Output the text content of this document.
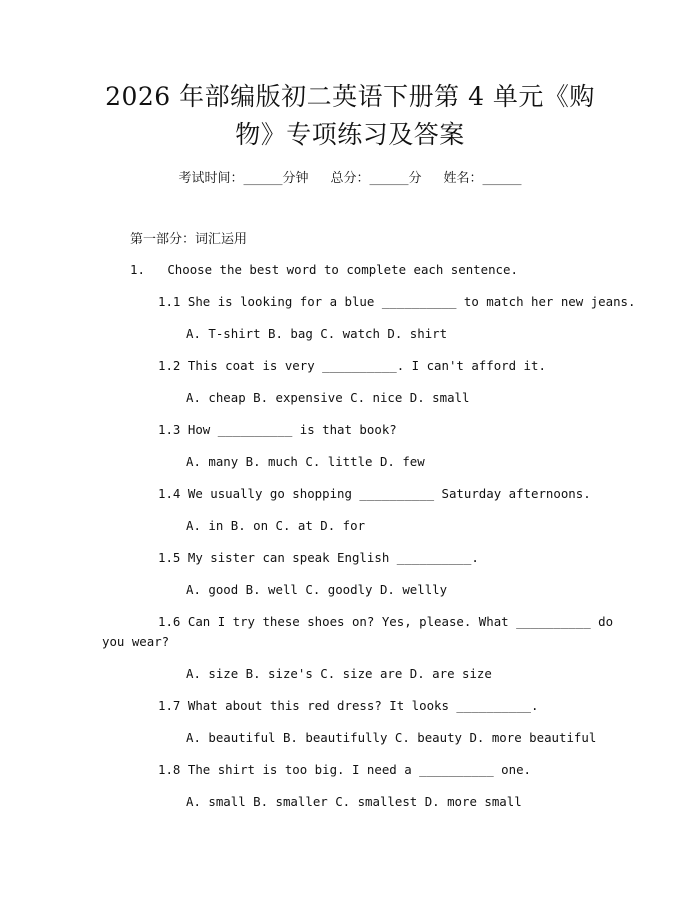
2026 年部编版初二英语下册第 4 单元《购
物》专项练习及答案
考试时间：______分钟 总分：______分 姓名：______
第一部分：词汇运用
1. Choose the best word to complete each sentence.
1.1 She is looking for a blue __________ to match her new jeans.
A. T-shirt B. bag C. watch D. shirt
1.2 This coat is very __________. I can't afford it.
A. cheap B. expensive C. nice D. small
1.3 How __________ is that book?
A. many B. much C. little D. few
1.4 We usually go shopping __________ Saturday afternoons.
A. in B. on C. at D. for
1.5 My sister can speak English __________.
A. good B. well C. goodly D. wellly
1.6 Can I try these shoes on? Yes, please. What __________ do
you wear?
A. size B. size's C. size are D. are size
1.7 What about this red dress? It looks __________.
A. beautiful B. beautifully C. beauty D. more beautiful
1.8 The shirt is too big. I need a __________ one.
A. small B. smaller C. smallest D. more small
